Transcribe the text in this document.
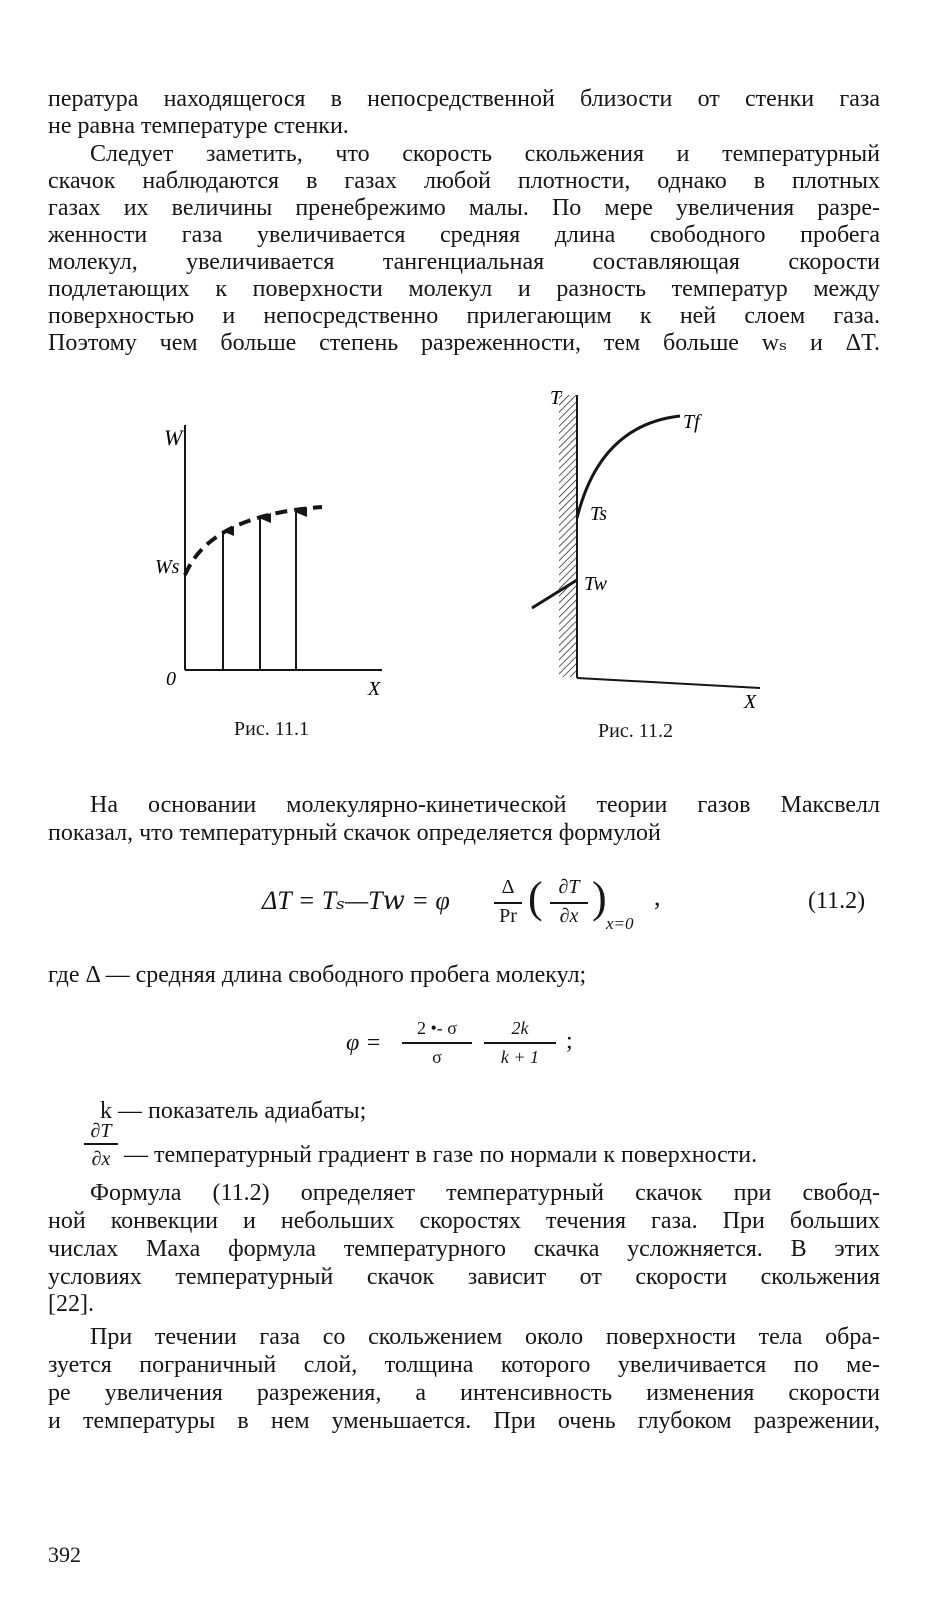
пература находящегося в непосредственной близости от стенки газа
не равна температуре стенки.
Следует заметить, что скорость скольжения и температурный
скачок наблюдаются в газах любой плотности, однако в плотных
газах их величины пренебрежимо малы. По мере увеличения разре-
женности газа увеличивается средняя длина свободного пробега
молекул, увеличивается тангенциальная составляющая скорости
подлетающих к поверхности молекул и разность температур между
поверхностью и непосредственно прилегающим к ней слоем газа.
Поэтому чем больше степень разреженности, тем больше wₛ и ΔT.
W
Ws
0	X
Рис. 11.1
T
Tf
Ts
Tw
X
Рис. 11.2
На основании молекулярно-кинетической теории газов Максвелл
показал, что температурный скачок определяется формулой
ΔT = Tₛ—T𝑤 = φ	Δ
Pr ( ∂T
∂x )
x=0
,	(11.2)
где Δ — средняя длина свободного пробега молекул;
φ =
2 •- σ
σ
2k
k + 1
;
k — показатель адиабаты;
∂T
∂x — температурный градиент в газе по нормали к поверхности.
Формула (11.2) определяет температурный скачок при свобод-
ной конвекции и небольших скоростях течения газа. При больших
числах Маха формула температурного скачка усложняется. В этих
условиях температурный скачок зависит от скорости скольжения
[22].
При течении газа со скольжением около поверхности тела обра-
зуется пограничный слой, толщина которого увеличивается по ме-
ре увеличения разрежения, а интенсивность изменения скорости
и температуры в нем уменьшается. При очень глубоком разрежении,
392
